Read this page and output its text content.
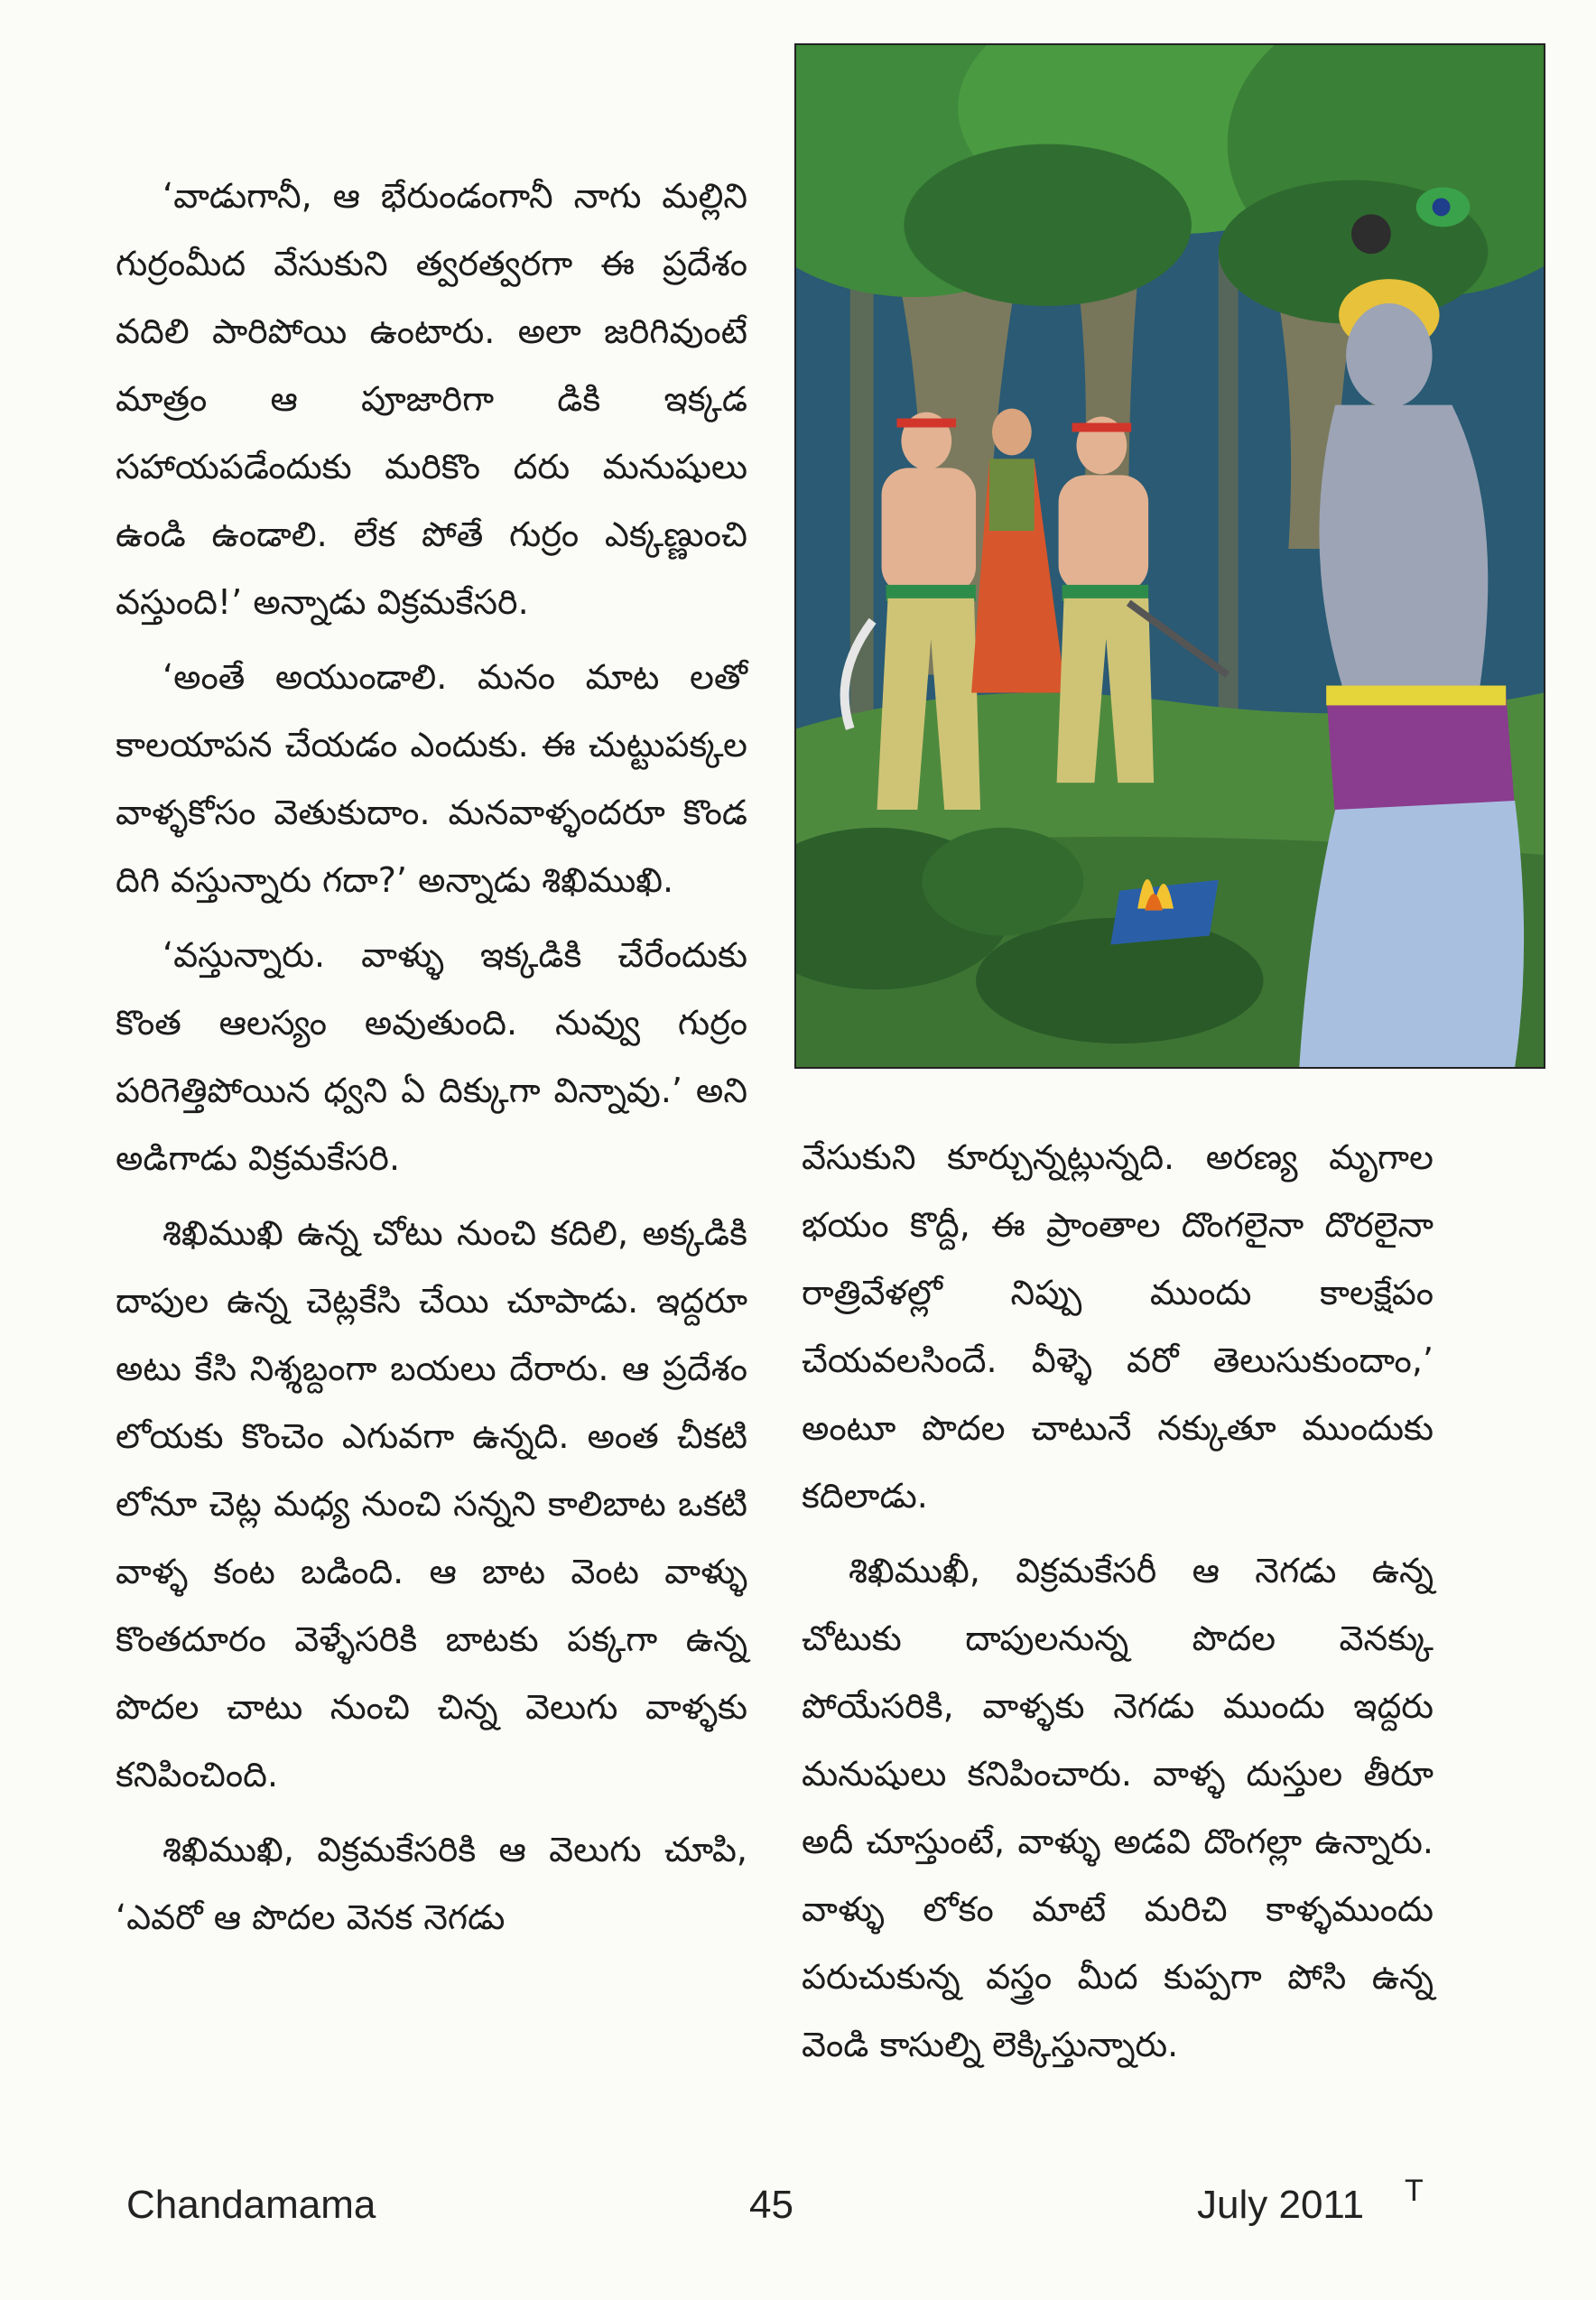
‘వాడుగానీ, ఆ భేరుండంగానీ నాగు మల్లిని గుర్రంమీద వేసుకుని త్వరత్వరగా ఈ ప్రదేశం వదిలి పారిపోయి ఉంటారు. అలా జరిగివుంటే మాత్రం ఆ పూజారిగా డికి ఇక్కడ సహాయపడేందుకు మరికొం దరు మనుషులు ఉండి ఉండాలి. లేక పోతే గుర్రం ఎక్కణ్ణుంచి వస్తుంది!’ అన్నాడు విక్రమకేసరి.

‘అంతే అయుండాలి. మనం మాట లతో కాలయాపన చేయడం ఎందుకు. ఈ చుట్టుపక్కల వాళ్ళకోసం వెతుకుదాం. మనవాళ్ళందరూ కొండ దిగి వస్తున్నారు గదా?’ అన్నాడు శిఖిముఖి.

‘వస్తున్నారు. వాళ్ళు ఇక్కడికి చేరేందుకు కొంత ఆలస్యం అవుతుంది. నువ్వు గుర్రం పరిగెత్తిపోయిన ధ్వని ఏ దిక్కుగా విన్నావు.’ అని అడిగాడు విక్రమకేసరి.

శిఖిముఖి ఉన్న చోటు నుంచి కదిలి, అక్కడికి దాపుల ఉన్న చెట్లకేసి చేయి చూపాడు. ఇద్దరూ అటు కేసి నిశ్శబ్దంగా బయలు దేరారు. ఆ ప్రదేశం లోయకు కొంచెం ఎగువగా ఉన్నది. అంత చీకటి లోనూ చెట్ల మధ్య నుంచి సన్నని కాలిబాట ఒకటి వాళ్ళ కంట బడింది. ఆ బాట వెంట వాళ్ళు కొంతదూరం వెళ్ళేసరికి బాటకు పక్కగా ఉన్న పొదల చాటు నుంచి చిన్న వెలుగు వాళ్ళకు కనిపించింది.

శిఖిముఖి, విక్రమకేసరికి ఆ వెలుగు చూపి, ‘ఎవరో ఆ పొదల వెనక నెగడు

వేసుకుని కూర్చున్నట్లున్నది. అరణ్య మృగాల భయం కొద్దీ, ఈ ప్రాంతాల దొంగలైనా దొరలైనా రాత్రివేళల్లో నిప్పు ముందు కాలక్షేపం చేయవలసిందే. వీళ్ళె వరో తెలుసుకుందాం,’ అంటూ పొదల చాటునే నక్కుతూ ముందుకు కదిలాడు.

శిఖిముఖీ, విక్రమకేసరీ ఆ నెగడు ఉన్న చోటుకు దాపులనున్న పొదల వెనక్కు పోయేసరికి, వాళ్ళకు నెగడు ముందు ఇద్దరు మనుషులు కనిపించారు. వాళ్ళ దుస్తుల తీరూ అదీ చూస్తుంటే, వాళ్ళు అడవి దొంగల్లా ఉన్నారు. వాళ్ళు లోకం మాటే మరిచి కాళ్ళముందు పరుచుకున్న వస్త్రం మీద కుప్పగా పోసి ఉన్న వెండి కాసుల్ని లెక్కిస్తున్నారు.

Chandamama	45	July 2011 T
